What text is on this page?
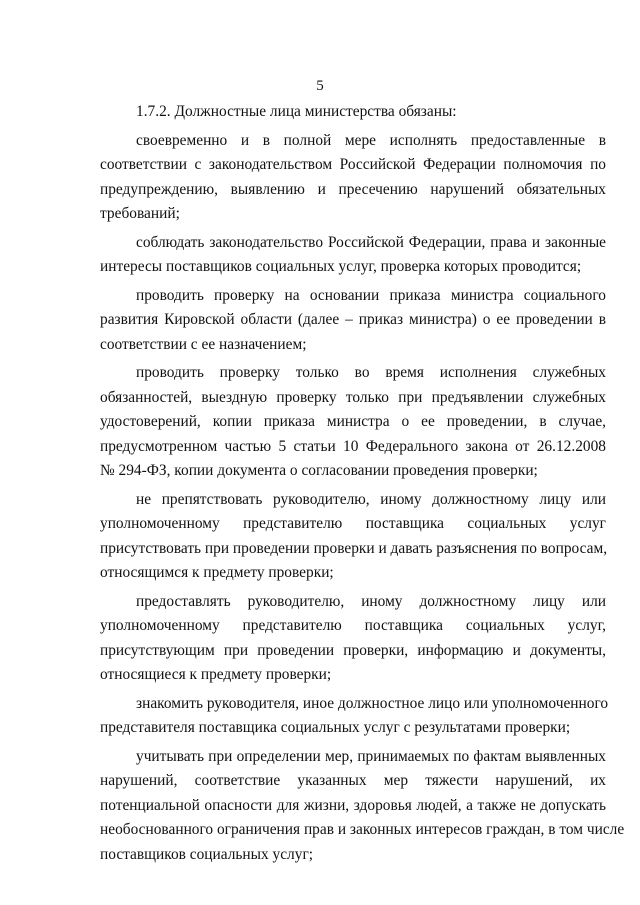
5
1.7.2. Должностные лица министерства обязаны:
своевременно и в полной мере исполнять предоставленные в
соответствии с законодательством Российской Федерации полномочия по
предупреждению, выявлению и пресечению нарушений обязательных
требований;
соблюдать законодательство Российской Федерации, права и законные
интересы поставщиков социальных услуг, проверка которых проводится;
проводить проверку на основании приказа министра социального
развития Кировской области (далее – приказ министра) о ее проведении в
соответствии с ее назначением;
проводить проверку только во время исполнения служебных
обязанностей, выездную проверку только при предъявлении служебных
удостоверений, копии приказа министра о ее проведении, в случае,
предусмотренном частью 5 статьи 10 Федерального закона от 26.12.2008
№ 294-ФЗ, копии документа о согласовании проведения проверки;
не препятствовать руководителю, иному должностному лицу или
уполномоченному представителю поставщика социальных услуг
присутствовать при проведении проверки и давать разъяснения по вопросам,
относящимся к предмету проверки;
предоставлять руководителю, иному должностному лицу или
уполномоченному представителю поставщика социальных услуг,
присутствующим при проведении проверки, информацию и документы,
относящиеся к предмету проверки;
знакомить руководителя, иное должностное лицо или уполномоченного
представителя поставщика социальных услуг с результатами проверки;
учитывать при определении мер, принимаемых по фактам выявленных
нарушений, соответствие указанных мер тяжести нарушений, их
потенциальной опасности для жизни, здоровья людей, а также не допускать
необоснованного ограничения прав и законных интересов граждан, в том числе
поставщиков социальных услуг;
